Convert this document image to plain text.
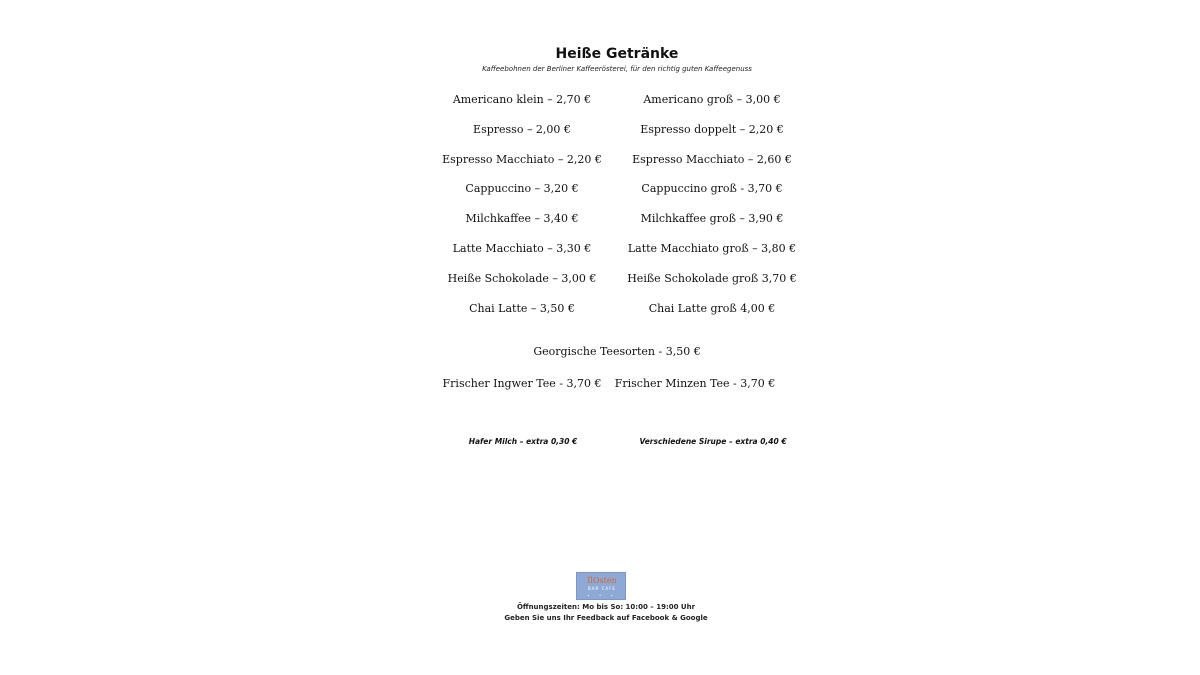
Heiße Getränke
Kaffeebohnen der Berliner Kaffeerösterei, für den richtig guten Kaffeegenuss
Americano klein – 2,70 €
Espresso – 2,00 €
Espresso Macchiato – 2,20 €
Cappuccino – 3,20 €
Milchkaffee – 3,40 €
Latte Macchiato – 3,30 €
Heiße Schokolade – 3,00 €
Chai Latte – 3,50 €
Americano groß – 3,00 €
Espresso doppelt – 2,20 €
Espresso Macchiato – 2,60 €
Cappuccino groß - 3,70 €
Milchkaffee groß – 3,90 €
Latte Macchiato groß – 3,80 €
Heiße Schokolade groß 3,70 €
Chai Latte groß 4,00 €
Georgische Teesorten - 3,50 €
Frischer Ingwer Tee - 3,70 €	Frischer Minzen Tee - 3,70 €
Hafer Milch – extra 0,30 €	Verschiedene Sirupe – extra 0,40 €
IlOsten
BAR CAFE
• • •
Öffnungszeiten: Mo bis So: 10:00 – 19:00 Uhr
Geben Sie uns Ihr Feedback auf Facebook & Google
